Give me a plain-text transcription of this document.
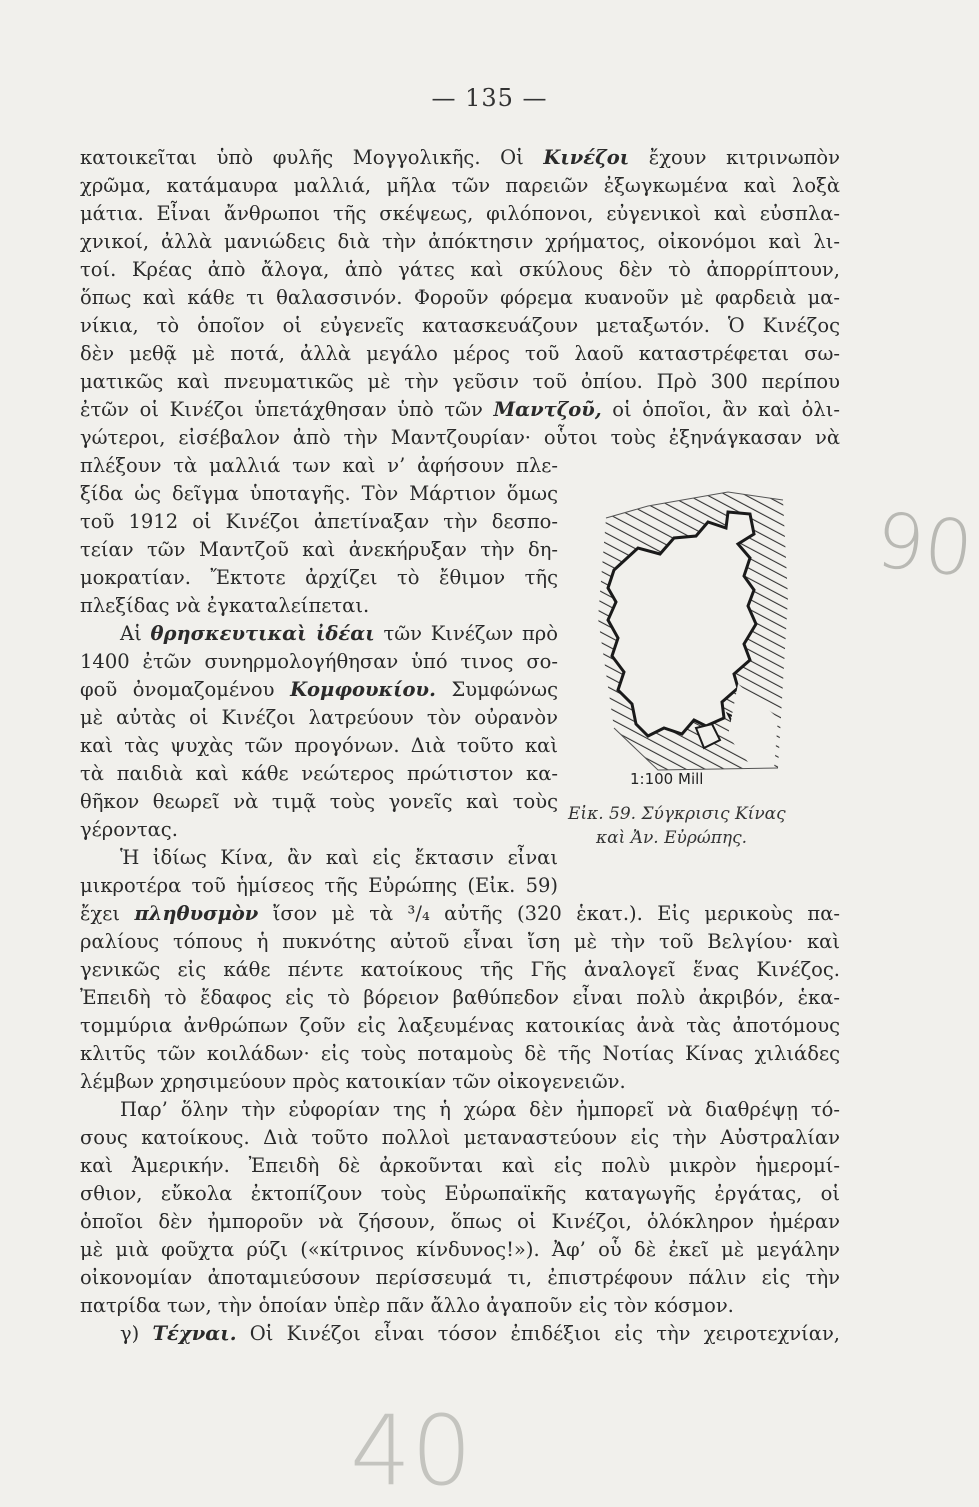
— 135 —
κατοικεῖται ὑπὸ φυλῆς Μογγολικῆς. Οἱ Κινέζοι ἔχουν κιτρινωπὸν
χρῶμα, κατάμαυρα μαλλιά, μῆλα τῶν παρειῶν ἐξωγκωμένα καὶ λοξὰ
μάτια. Εἶναι ἄνθρωποι τῆς σκέψεως, φιλόπονοι, εὐγενικοὶ καὶ εὐσπλα-
χνικοί, ἀλλὰ μανιώδεις διὰ τὴν ἀπόκτησιν χρήματος, οἰκονόμοι καὶ λι-
τοί. Κρέας ἀπὸ ἄλογα, ἀπὸ γάτες καὶ σκύλους δὲν τὸ ἀπορρίπτουν,
ὅπως καὶ κάθε τι θαλασσινόν. Φοροῦν φόρεμα κυανοῦν μὲ φαρδειὰ μα-
νίκια, τὸ ὁποῖον οἱ εὐγενεῖς κατασκευάζουν μεταξωτόν. Ὁ Κινέζος
δὲν μεθᾷ μὲ ποτά, ἀλλὰ μεγάλο μέρος τοῦ λαοῦ καταστρέφεται σω-
ματικῶς καὶ πνευματικῶς μὲ τὴν γεῦσιν τοῦ ὀπίου. Πρὸ 300 περίπου
ἐτῶν οἱ Κινέζοι ὑπετάχθησαν ὑπὸ τῶν Μαντζοῦ, οἱ ὁποῖοι, ἂν καὶ ὀλι-
γώτεροι, εἰσέβαλον ἀπὸ τὴν Μαντζουρίαν· οὗτοι τοὺς ἐξηνάγκασαν νὰ
πλέξουν τὰ μαλλιά των καὶ ν’ ἀφήσουν πλε-
ξίδα ὡς δεῖγμα ὑποταγῆς. Τὸν Μάρτιον ὅμως
τοῦ 1912 οἱ Κινέζοι ἀπετίναξαν τὴν δεσπο-
τείαν τῶν Μαντζοῦ καὶ ἀνεκήρυξαν τὴν δη-
μοκρατίαν. Ἔκτοτε ἀρχίζει τὸ ἔθιμον τῆς
πλεξίδας νὰ ἐγκαταλείπεται.
Αἱ θρησκευτικαὶ ἰδέαι τῶν Κινέζων πρὸ
1400 ἐτῶν συνηρμολογήθησαν ὑπό τινος σο-
φοῦ ὀνομαζομένου Κομφουκίου. Συμφώνως
μὲ αὐτὰς οἱ Κινέζοι λατρεύουν τὸν οὐρανὸν
καὶ τὰς ψυχὰς τῶν προγόνων. Διὰ τοῦτο καὶ
τὰ παιδιὰ καὶ κάθε νεώτερος πρώτιστον κα-
θῆκον θεωρεῖ νὰ τιμᾷ τοὺς γονεῖς καὶ τοὺς
γέροντας.
Ἡ ἰδίως Κίνα, ἂν καὶ εἰς ἔκτασιν εἶναι
μικροτέρα τοῦ ἡμίσεος τῆς Εὐρώπης (Εἰκ. 59)
ἔχει πληθυσμὸν ἴσον μὲ τὰ ³/₄ αὐτῆς (320 ἑκατ.). Εἰς μερικοὺς πα-
ραλίους τόπους ἡ πυκνότης αὐτοῦ εἶναι ἴση μὲ τὴν τοῦ Βελγίου· καὶ
γενικῶς εἰς κάθε πέντε κατοίκους τῆς Γῆς ἀναλογεῖ ἕνας Κινέζος.
Ἐπειδὴ τὸ ἔδαφος εἰς τὸ βόρειον βαθύπεδον εἶναι πολὺ ἀκριβόν, ἑκα-
τομμύρια ἀνθρώπων ζοῦν εἰς λαξευμένας κατοικίας ἀνὰ τὰς ἀποτόμους
κλιτῦς τῶν κοιλάδων· εἰς τοὺς ποταμοὺς δὲ τῆς Νοτίας Κίνας χιλιάδες
λέμβων χρησιμεύουν πρὸς κατοικίαν τῶν οἰκογενειῶν.
Παρ’ ὅλην τὴν εὐφορίαν της ἡ χώρα δὲν ἠμπορεῖ νὰ διαθρέψῃ τό-
σους κατοίκους. Διὰ τοῦτο πολλοὶ μεταναστεύουν εἰς τὴν Αὐστραλίαν
καὶ Ἀμερικήν. Ἐπειδὴ δὲ ἀρκοῦνται καὶ εἰς πολὺ μικρὸν ἡμερομί-
σθιον, εὔκολα ἐκτοπίζουν τοὺς Εὐρωπαϊκῆς καταγωγῆς ἐργάτας, οἱ
ὁποῖοι δὲν ἠμποροῦν νὰ ζήσουν, ὅπως οἱ Κινέζοι, ὁλόκληρον ἡμέραν
μὲ μιὰ φοῦχτα ρύζι («κίτρινος κίνδυνος!»). Ἀφ’ οὗ δὲ ἐκεῖ μὲ μεγάλην
οἰκονομίαν ἀποταμιεύσουν περίσσευμά τι, ἐπιστρέφουν πάλιν εἰς τὴν
πατρίδα των, τὴν ὁποίαν ὑπὲρ πᾶν ἄλλο ἀγαποῦν εἰς τὸν κόσμον.
γ) Τέχναι. Οἱ Κινέζοι εἶναι τόσον ἐπιδέξιοι εἰς τὴν χειροτεχνίαν,
1:100 Mill
Εἰκ. 59. Σύγκρισις Κίνας
καὶ Ἀν. Εὐρώπης.
90
40
